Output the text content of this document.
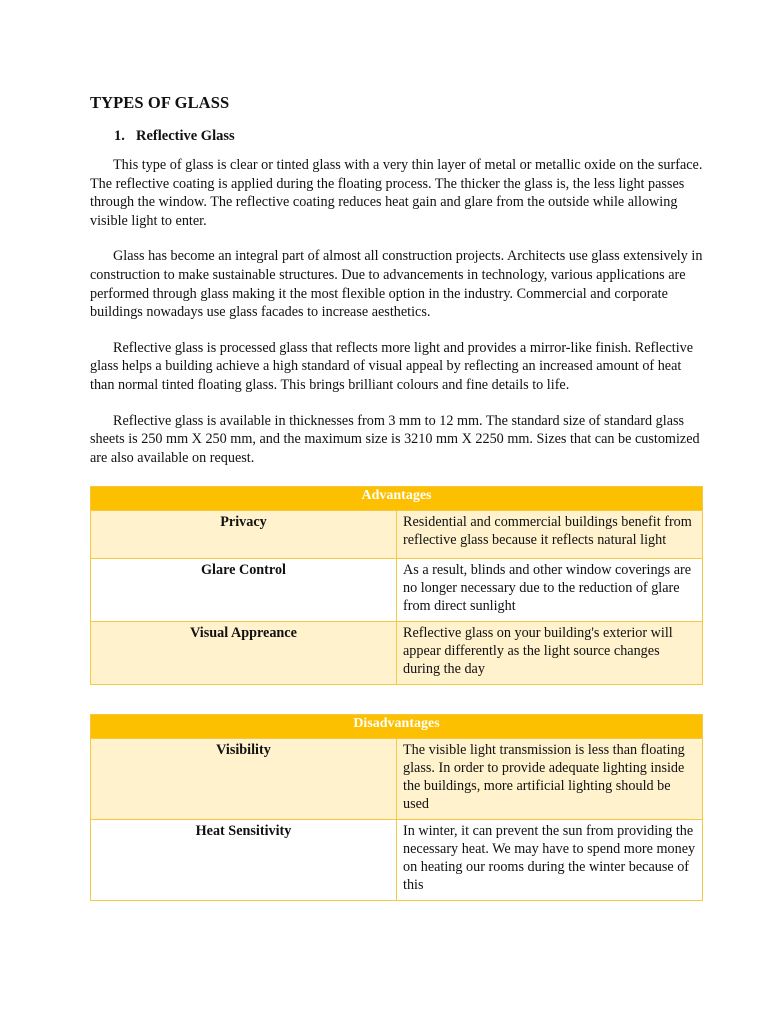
TYPES OF GLASS
1. Reflective Glass

This type of glass is clear or tinted glass with a very thin layer of metal or metallic oxide on the surface. The reflective coating is applied during the floating process. The thicker the glass is, the less light passes through the window. The reflective coating reduces heat gain and glare from the outside while allowing visible light to enter.

Glass has become an integral part of almost all construction projects. Architects use glass extensively in construction to make sustainable structures. Due to advancements in technology, various applications are performed through glass making it the most flexible option in the industry. Commercial and corporate buildings nowadays use glass facades to increase aesthetics.

Reflective glass is processed glass that reflects more light and provides a mirror-like finish. Reflective glass helps a building achieve a high standard of visual appeal by reflecting an increased amount of heat than normal tinted floating glass. This brings brilliant colours and fine details to life.

Reflective glass is available in thicknesses from 3 mm to 12 mm. The standard size of standard glass sheets is 250 mm X 250 mm, and the maximum size is 3210 mm X 2250 mm. Sizes that can be customized are also available on request.

Advantages	
Privacy	Residential and commercial buildings benefit from reflective glass because it reflects natural light
Glare Control	As a result, blinds and other window coverings are no longer necessary due to the reduction of glare from direct sunlight
Visual Appreance	Reflective glass on your building's exterior will appear differently as the light source changes during the day
Disadvantages	
Visibility	The visible light transmission is less than floating glass. In order to provide adequate lighting inside the buildings, more artificial lighting should be used
Heat Sensitivity	In winter, it can prevent the sun from providing the necessary heat. We may have to spend more money on heating our rooms during the winter because of this
